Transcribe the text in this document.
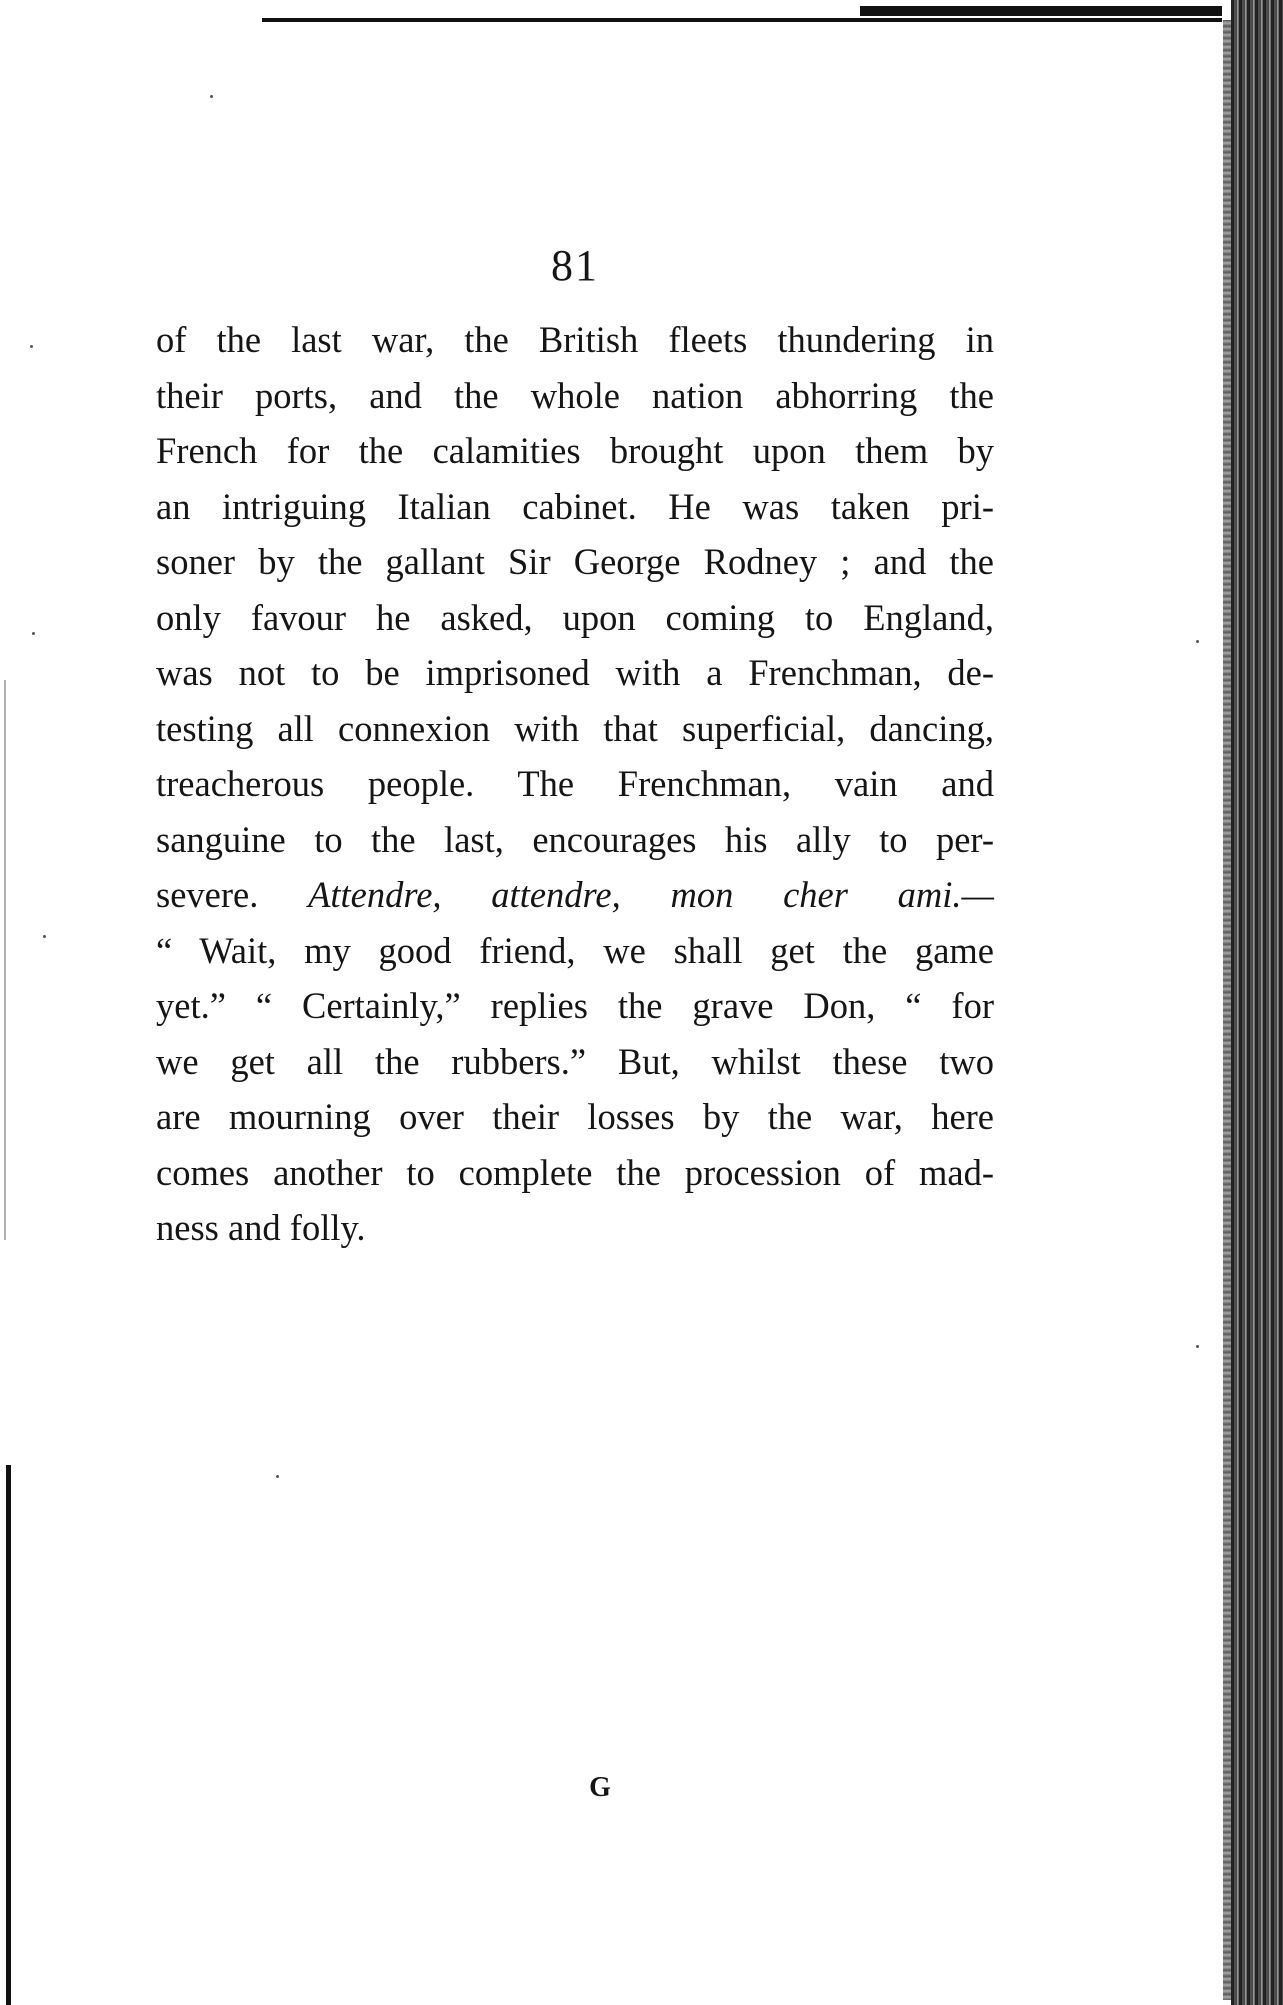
81
of the last war, the British fleets thundering in
their ports, and the whole nation abhorring the
French for the calamities brought upon them by
an intriguing Italian cabinet. He was taken pri-
soner by the gallant Sir George Rodney ; and the
only favour he asked, upon coming to England,
was not to be imprisoned with a Frenchman, de-
testing all connexion with that superficial, dancing,
treacherous people. The Frenchman, vain and
sanguine to the last, encourages his ally to per-
severe. Attendre, attendre, mon cher ami.—
“ Wait, my good friend, we shall get the game
yet.” “ Certainly,” replies the grave Don, “ for
we get all the rubbers.” But, whilst these two
are mourning over their losses by the war, here
comes another to complete the procession of mad-
ness and folly.
G
